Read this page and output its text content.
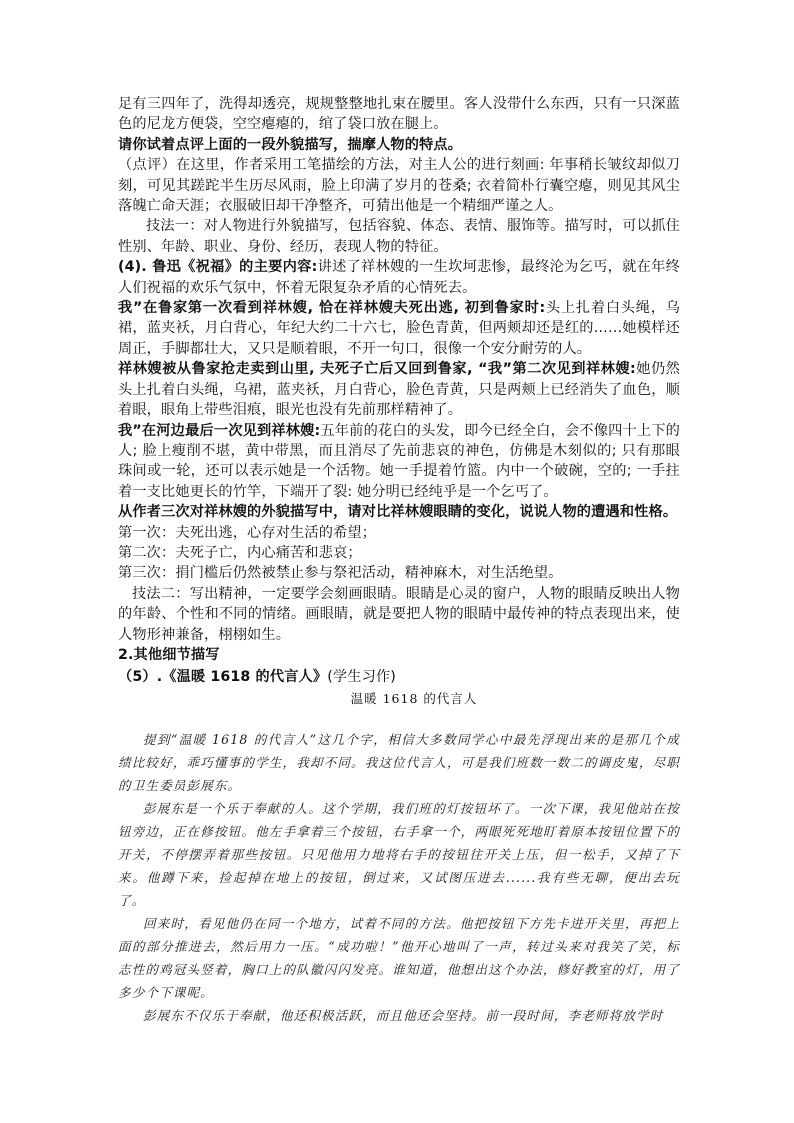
足有三四年了，洗得却透亮，规规整整地扎束在腰里。客人没带什么东西，只有一只深蓝色的尼龙方便袋，空空瘪瘪的，绾了袋口放在腿上。

请你试着点评上面的一段外貌描写，揣摩人物的特点。

（点评）在这里，作者采用工笔描绘的方法，对主人公的进行刻画: 年事稍长皱纹却似刀刻，可见其蹉跎半生历尽风雨，脸上印满了岁月的苍桑; 衣着简朴行囊空瘪，则见其风尘落魄亡命天涯；衣服破旧却干净整齐，可猜出他是一个精细严谨之人。

技法一：对人物进行外貌描写，包括容貌、体态、表情、服饰等。描写时，可以抓住性别、年龄、职业、身份、经历，表现人物的特征。

(4). 鲁迅《祝福》的主要内容:讲述了祥林嫂的一生坎坷悲惨，最终沦为乞丐，就在年终人们祝福的欢乐气氛中，怀着无限复杂矛盾的心情死去。

我”在鲁家第一次看到祥林嫂, 恰在祥林嫂夫死出逃, 初到鲁家时:头上扎着白头绳，乌裙，蓝夹袄，月白背心，年纪大约二十六七，脸色青黄，但两颊却还是红的……她模样还周正，手脚都壮大，又只是顺着眼，不开一句口，很像一个安分耐劳的人。

祥林嫂被从鲁家抢走卖到山里, 夫死子亡后又回到鲁家, “我”第二次见到祥林嫂:她仍然头上扎着白头绳，乌裙，蓝夹袄，月白背心，脸色青黄，只是两颊上已经消失了血色，顺着眼，眼角上带些泪痕，眼光也没有先前那样精神了。

我”在河边最后一次见到祥林嫂:五年前的花白的头发，即今已经全白，会不像四十上下的人; 脸上瘦削不堪，黄中带黑，而且消尽了先前悲哀的神色，仿佛是木刻似的; 只有那眼珠间或一轮，还可以表示她是一个活物。她一手提着竹篮。内中一个破碗，空的; 一手拄着一支比她更长的竹竿，下端开了裂: 她分明已经纯乎是一个乞丐了。

从作者三次对祥林嫂的外貌描写中，请对比祥林嫂眼睛的变化，说说人物的遭遇和性格。

第一次：夫死出逃，心存对生活的希望；

第二次：夫死子亡，内心痛苦和悲哀；

第三次：捐门槛后仍然被禁止参与祭祀活动，精神麻木，对生活绝望。

技法二：写出精神，一定要学会刻画眼睛。眼睛是心灵的窗户，人物的眼睛反映出人物的年龄、个性和不同的情绪。画眼睛，就是要把人物的眼睛中最传神的特点表现出来，使人物形神兼备，栩栩如生。

2.其他细节描写

（5）.《温暖 1618 的代言人》(学生习作)

温暖 1618 的代言人

提到“温暖 1618 的代言人”这几个字，相信大多数同学心中最先浮现出来的是那几个成绩比较好，乖巧懂事的学生，我却不同。我这位代言人，可是我们班数一数二的调皮鬼，尽职的卫生委员彭展东。

彭展东是一个乐于奉献的人。这个学期，我们班的灯按钮坏了。一次下课，我见他站在按钮旁边，正在修按钮。他左手拿着三个按钮，右手拿一个，两眼死死地盯着原本按钮位置下的开关，不停摆弄着那些按钮。只见他用力地将右手的按钮往开关上压，但一松手，又掉了下来。他蹲下来，捡起掉在地上的按钮，倒过来，又试图压进去......我有些无聊，便出去玩了。

回来时，看见他仍在同一个地方，试着不同的方法。他把按钮下方先卡进开关里，再把上面的部分推进去，然后用力一压。“成功啦！”他开心地叫了一声，转过头来对我笑了笑，标志性的鸡冠头竖着，胸口上的队徽闪闪发亮。谁知道，他想出这个办法，修好教室的灯，用了多少个下课呢。

彭展东不仅乐于奉献，他还积极活跃，而且他还会坚持。前一段时间，李老师将放学时
